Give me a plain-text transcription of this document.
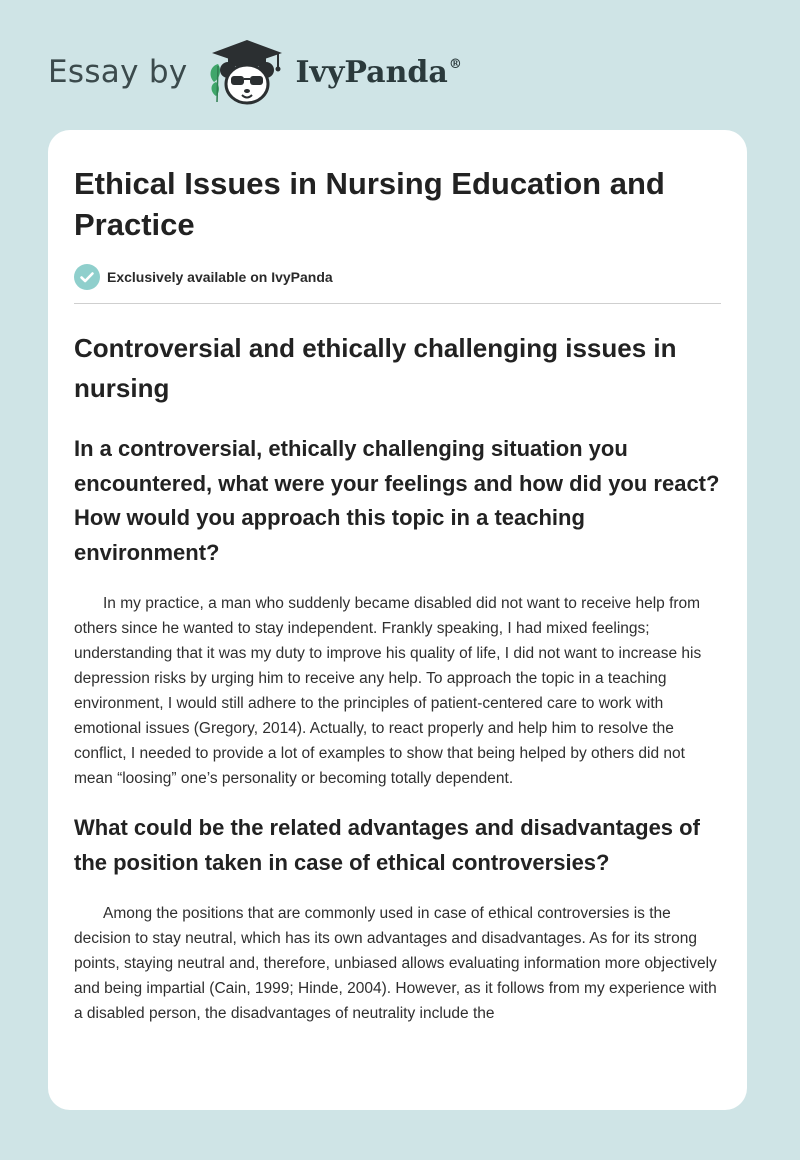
Essay by	IvyPanda®
Ethical Issues in Nursing Education and Practice
Exclusively available on IvyPanda
Controversial and ethically challenging issues in nursing
In a controversial, ethically challenging situation you encountered, what were your feelings and how did you react? How would you approach this topic in a teaching environment?

In my practice, a man who suddenly became disabled did not want to receive help from others since he wanted to stay independent. Frankly speaking, I had mixed feelings; understanding that it was my duty to improve his quality of life, I did not want to increase his depression risks by urging him to receive any help. To approach the topic in a teaching environment, I would still adhere to the principles of patient-centered care to work with emotional issues (Gregory, 2014). Actually, to react properly and help him to resolve the conflict, I needed to provide a lot of examples to show that being helped by others did not mean “loosing” one’s personality or becoming totally dependent.

What could be the related advantages and disadvantages of the position taken in case of ethical controversies?

Among the positions that are commonly used in case of ethical controversies is the decision to stay neutral, which has its own advantages and disadvantages. As for its strong points, staying neutral and, therefore, unbiased allows evaluating information more objectively and being impartial (Cain, 1999; Hinde, 2004). However, as it follows from my experience with a disabled person, the disadvantages of neutrality include the
